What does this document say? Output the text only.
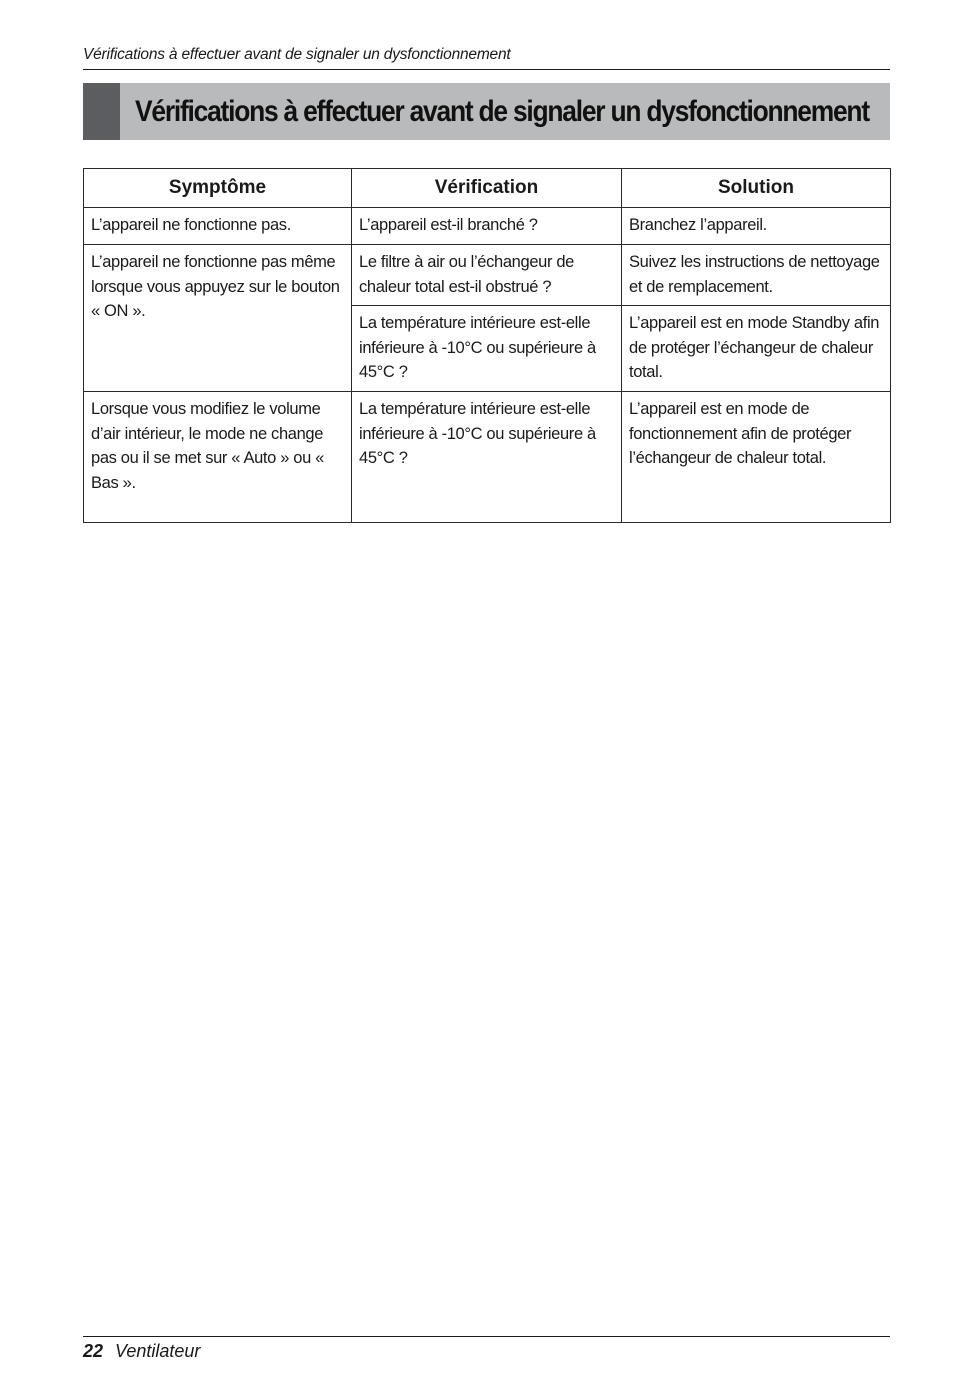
Vérifications à effectuer avant de signaler un dysfonctionnement
Vérifications à effectuer avant de signaler un dysfonctionnement
Symptôme	Vérification	Solution
L’appareil ne fonctionne pas.	L’appareil est-il branché ?	Branchez l’appareil.
L’appareil ne fonctionne pas même lorsque vous appuyez sur le bouton « ON ».	Le filtre à air ou l’échangeur de chaleur total est-il obstrué ?	Suivez les instructions de nettoyage et de remplacement.
	La température intérieure est-elle inférieure à -10°C ou supérieure à 45°C ?	L’appareil est en mode Standby afin de protéger l’échangeur de chaleur total.
Lorsque vous modifiez le volume d’air intérieur, le mode ne change pas ou il se met sur « Auto » ou « Bas ».	La température intérieure est-elle inférieure à -10°C ou supérieure à 45°C ?	L’appareil est en mode de fonctionnement afin de protéger l’échangeur de chaleur total.
22 Ventilateur
